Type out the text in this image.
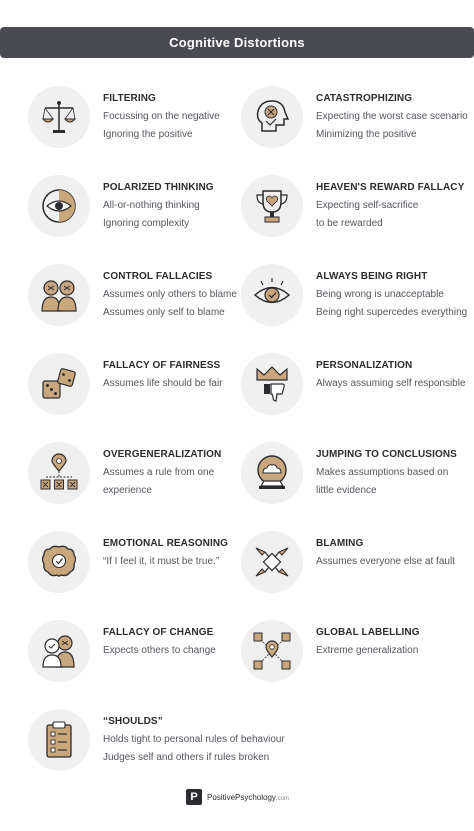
Cognitive Distortions
FILTERING
Focussing on the negative
Ignoring the positive
CATASTROPHIZING
Expecting the worst case scenario
Minimizing the positive
POLARIZED THINKING
All-or-nothing thinking
Ignoring complexity
HEAVEN'S REWARD FALLACY
Expecting self-sacrifice
to be rewarded
CONTROL FALLACIES
Assumes only others to blame
Assumes only self to blame
ALWAYS BEING RIGHT
Being wrong is unacceptable
Being right supercedes everything
FALLACY OF FAIRNESS
Assumes life should be fair
PERSONALIZATION
Always assuming self responsible
OVERGENERALIZATION
Assumes a rule from one
experience
JUMPING TO CONCLUSIONS
Makes assumptions based on
little evidence
EMOTIONAL REASONING
“If I feel it, it must be true.”
BLAMING
Assumes everyone else at fault
FALLACY OF CHANGE
Expects others to change
GLOBAL LABELLING
Extreme generalization
“SHOULDS”
Holds tight to personal rules of behaviour
Judges self and others if rules broken
P	PositivePsychology.com
